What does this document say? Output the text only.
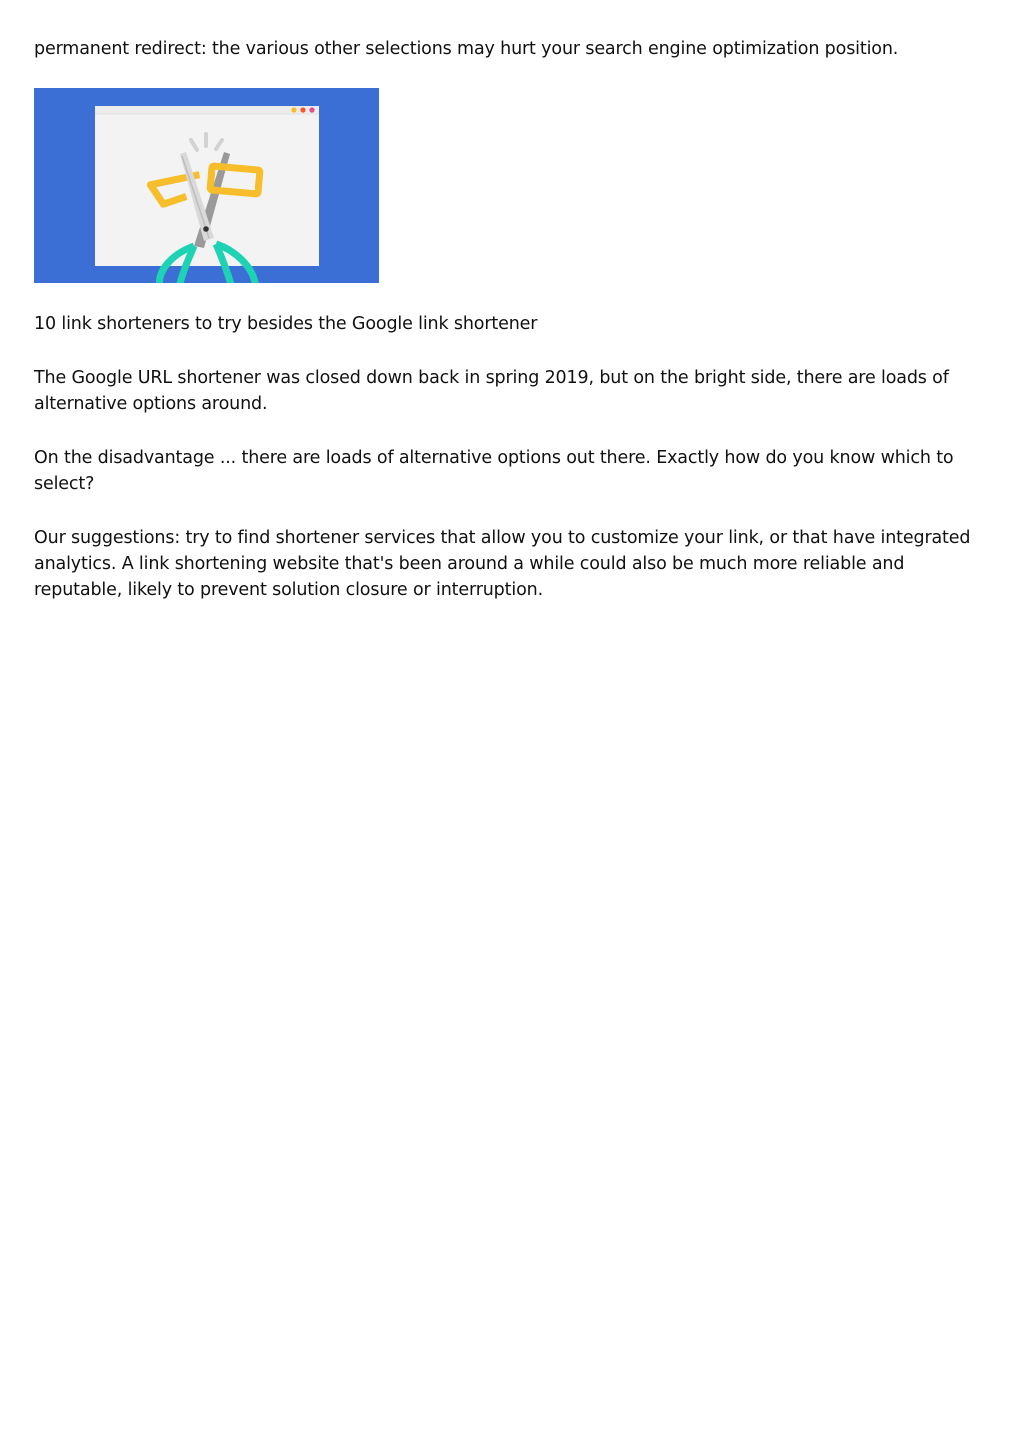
permanent redirect: the various other selections may hurt your search engine optimization position.

10 link shorteners to try besides the Google link shortener

The Google URL shortener was closed down back in spring 2019, but on the bright side, there are loads of alternative options around.

On the disadvantage ... there are loads of alternative options out there. Exactly how do you know which to select?

Our suggestions: try to find shortener services that allow you to customize your link, or that have integrated analytics. A link shortening website that's been around a while could also be much more reliable and reputable, likely to prevent solution closure or interruption.
